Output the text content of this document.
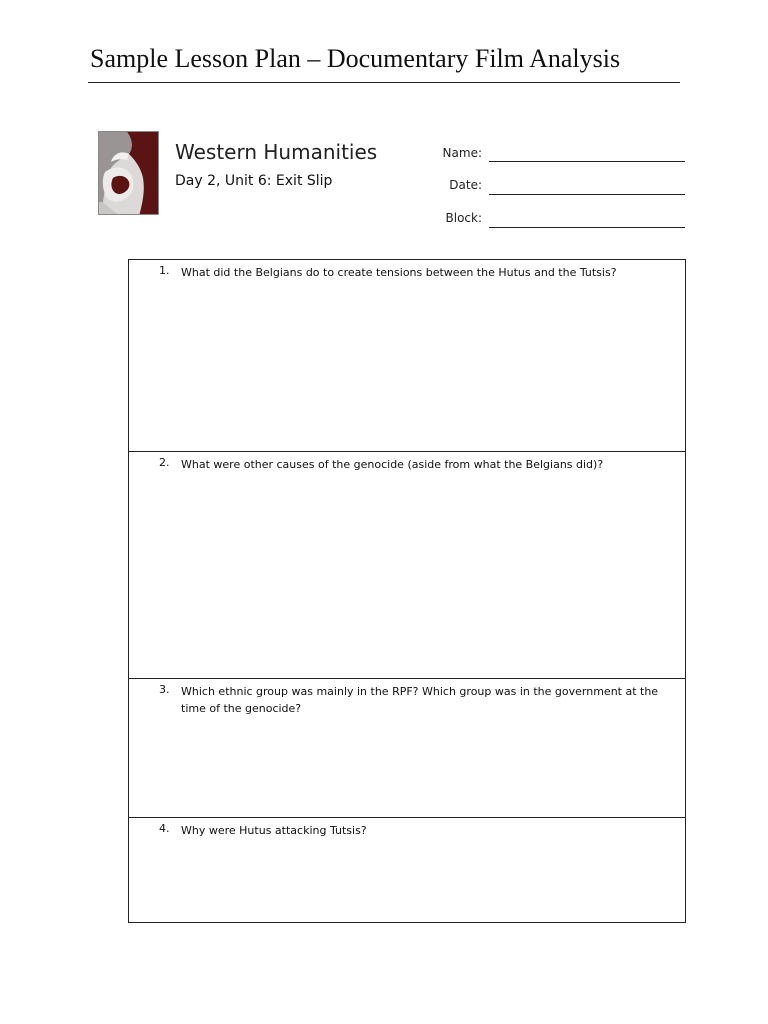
Sample Lesson Plan – Documentary Film Analysis
Western Humanities
Day 2, Unit 6: Exit Slip
Name:
Date:
Block:
1. What did the Belgians do to create tensions between the Hutus and the Tutsis?
2. What were other causes of the genocide (aside from what the Belgians did)?
3. Which ethnic group was mainly in the RPF? Which group was in the government at the time of the genocide?
4. Why were Hutus attacking Tutsis?
